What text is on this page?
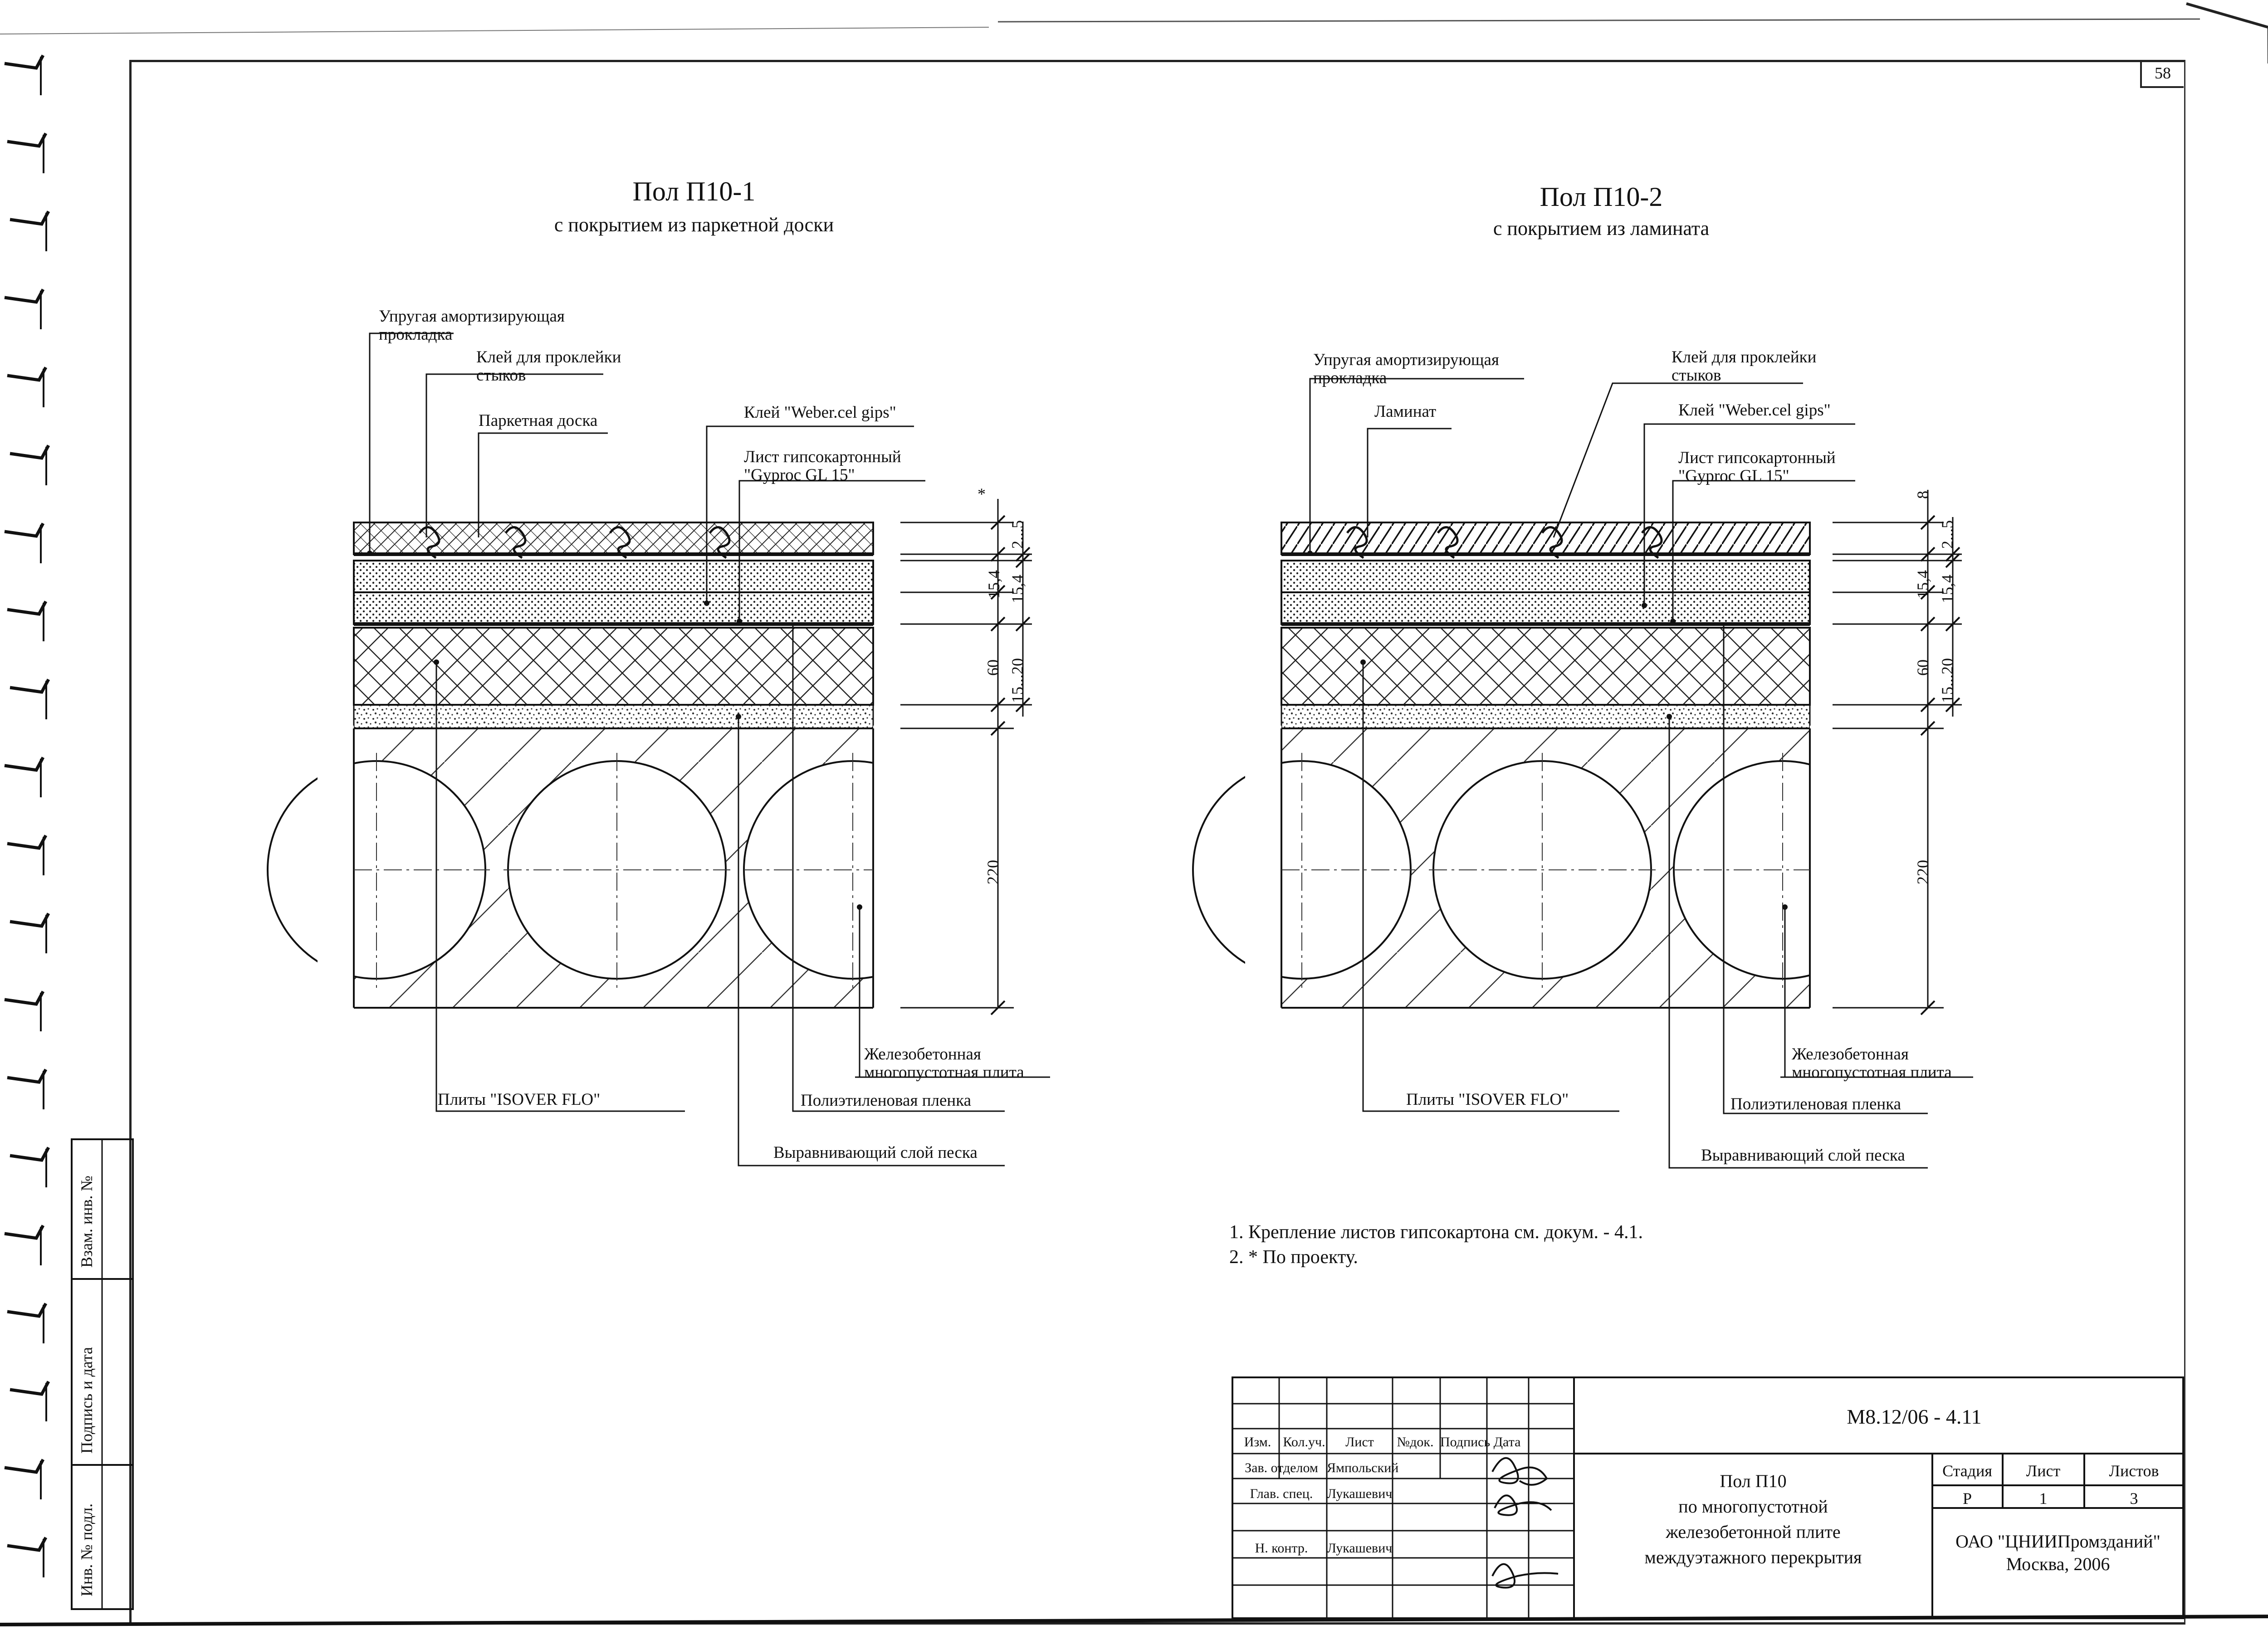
58
Пол П10-1
с покрытием из паркетной доски
Упругая амортизирующая
прокладка
Клей для проклейки
стыков
Паркетная доска	Клей "Weber.cel gips"
Лист гипсокартонный
"Gyproc GL 15"
Железобетонная
многопустотная плита
Плиты "ISOVER FLO"	Полиэтиленовая пленка
Выравнивающий слой песка
*
2...5
15,4 15,4
60 15...20
220
Пол П10-2
с покрытием из ламината
Упругая амортизирующая
прокладка
Клей для проклейки
стыков
Ламинат	Клей "Weber.cel gips"
Лист гипсокартонный
"Gyproc GL 15"
Железобетонная
многопустотная плита
Плиты "ISOVER FLO"	Полиэтиленовая пленка
Выравнивающий слой песка
8
2...5
15,4 15,4
60 15...20
220
1. Крепление листов гипсокартона см. докум. - 4.1.
2. * По проекту.
Взам. инв. №
Подпись и дата
Инв. № подл.
М8.12/06 - 4.11
Изм. Кол.уч.	Лист	№док. Подпись Дата
Зав. отделом Ямпольский
Глав. спец.	Лукашевич
Н. контр.	Лукашевич
Пол П10
по многопустотной
железобетонной плите
междуэтажного перекрытия
Стадия	Лист	Листов
Р	1	3
ОАО "ЦНИИПромзданий"
Москва, 2006
